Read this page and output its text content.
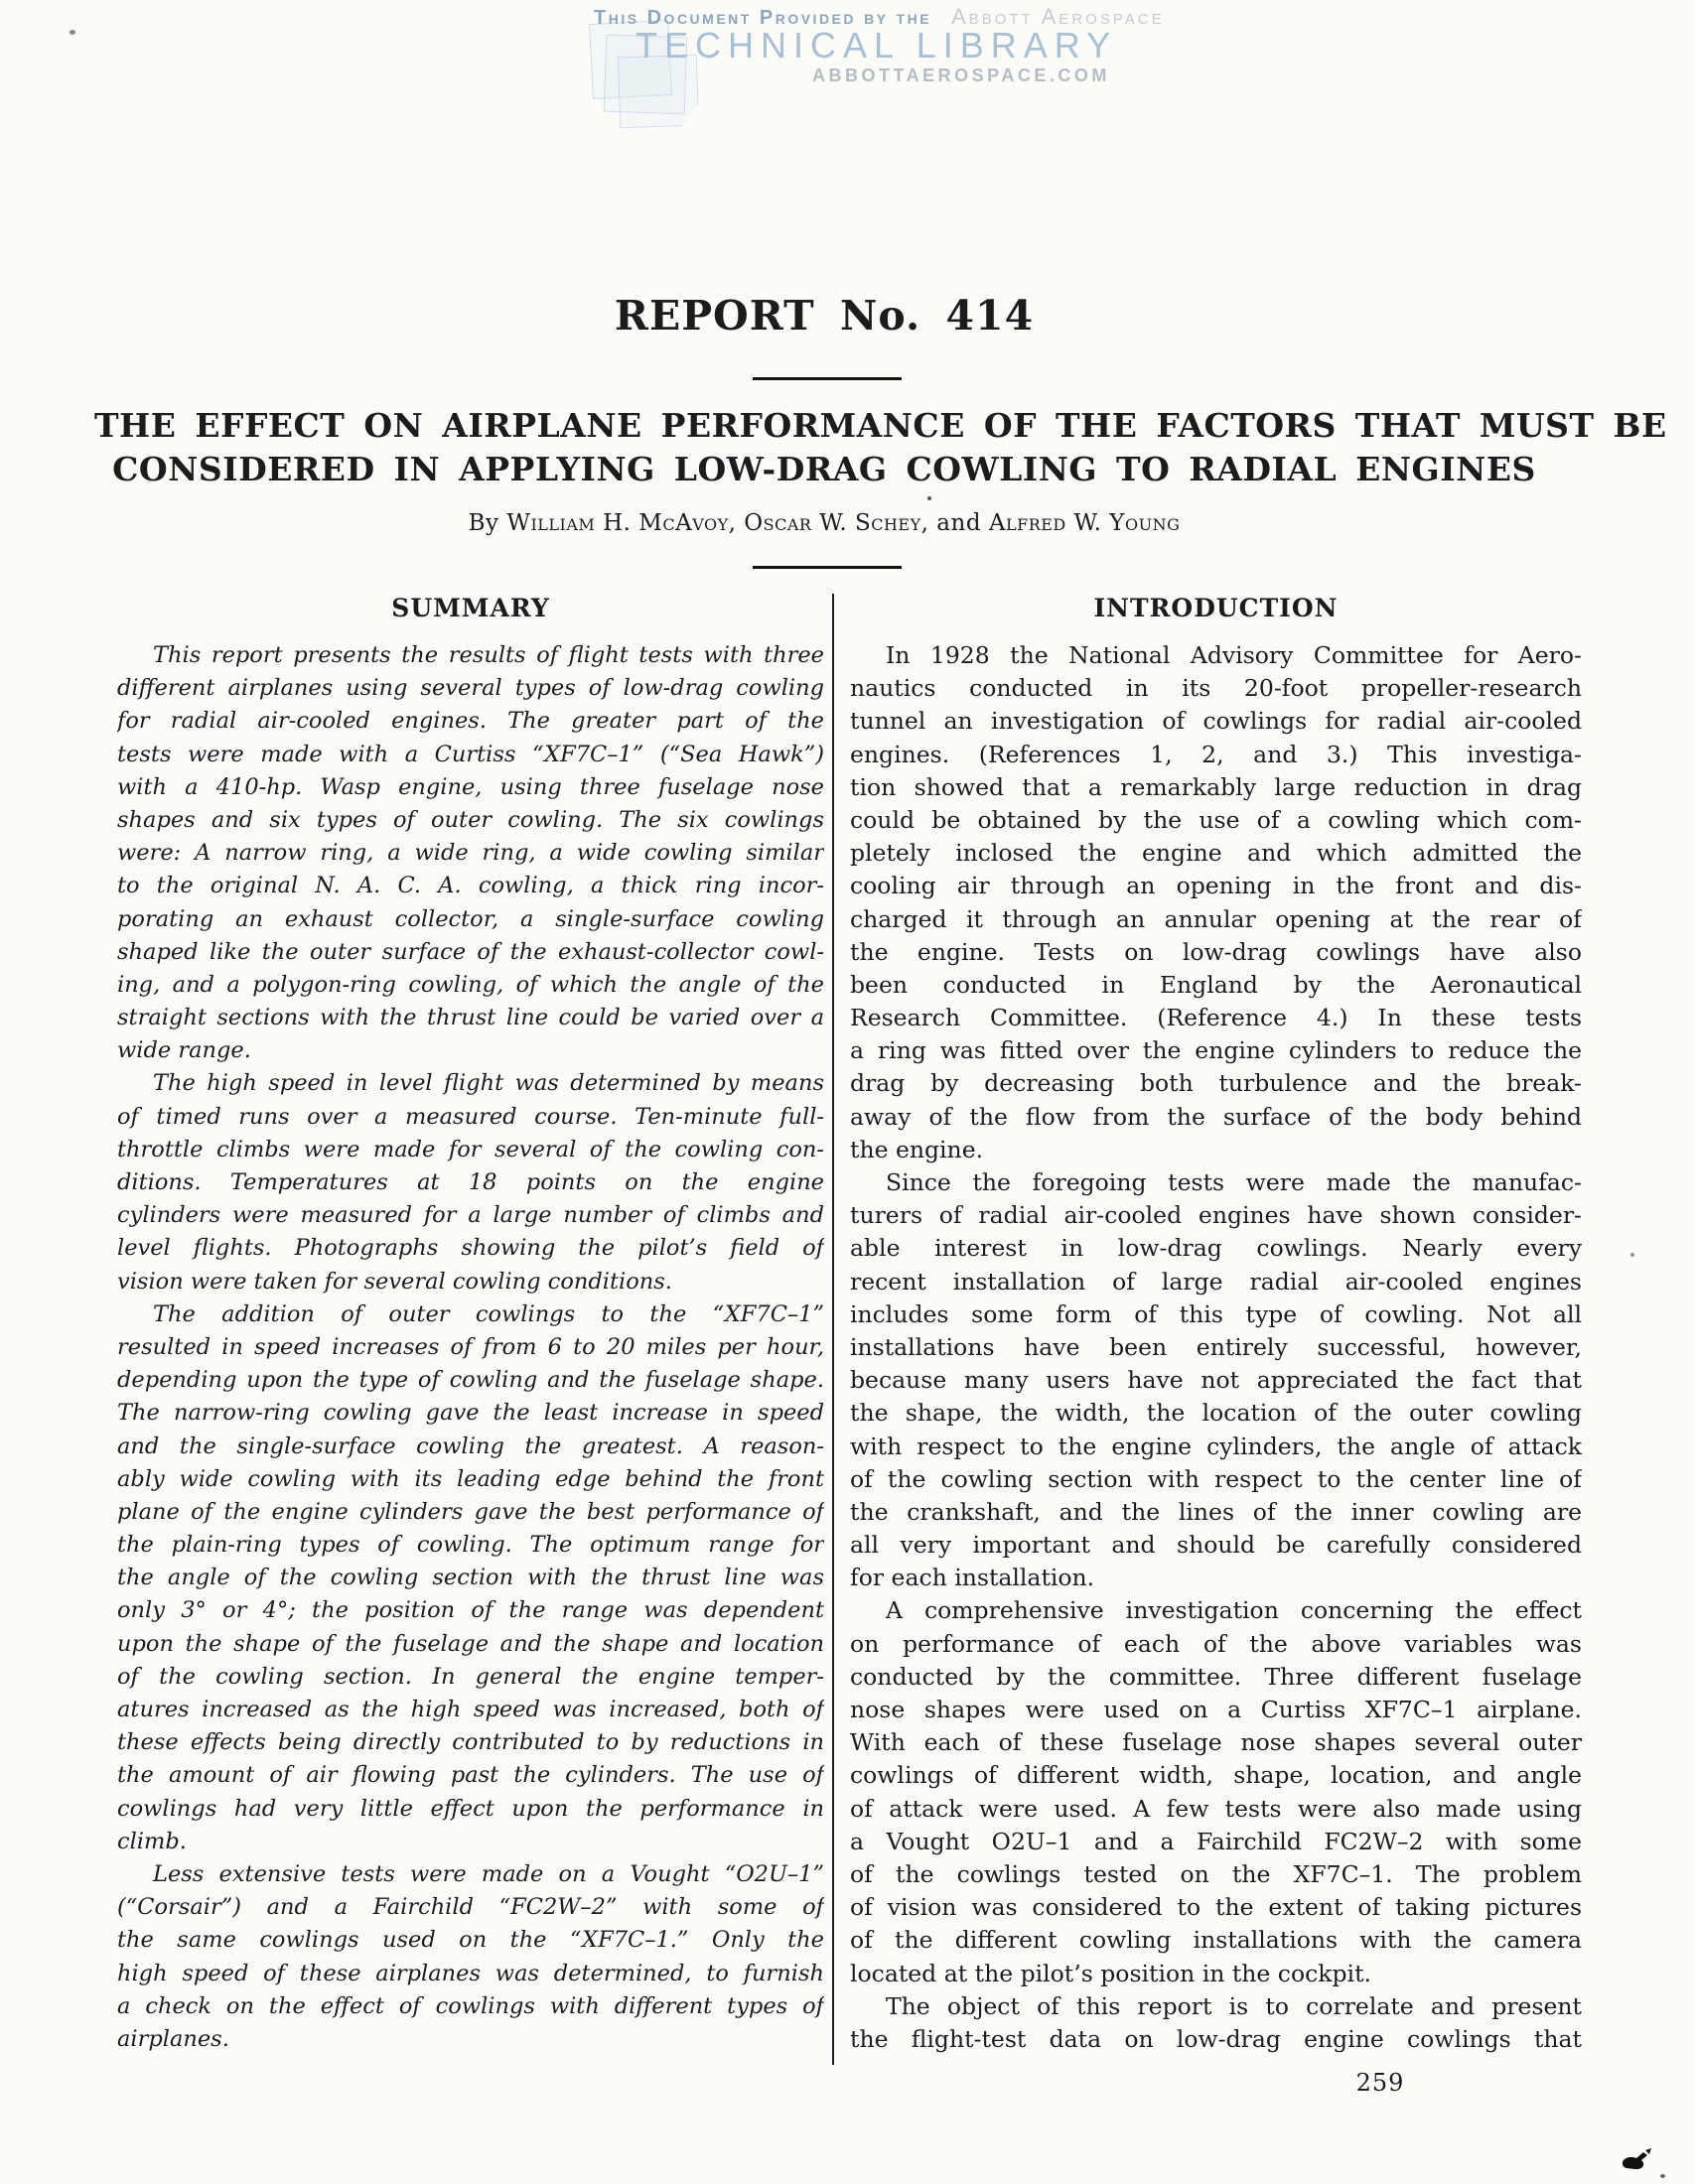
This Document Provided by the Abbott Aerospace
TECHNICAL LIBRARY
ABBOTTAEROSPACE.COM
REPORT No. 414
THE EFFECT ON AIRPLANE PERFORMANCE OF THE FACTORS THAT MUST BE
CONSIDERED IN APPLYING LOW-DRAG COWLING TO RADIAL ENGINES
By William H. McAvoy, Oscar W. Schey, and Alfred W. Young
SUMMARY
This report presents the results of flight tests with three
different airplanes using several types of low-drag cowling
for radial air-cooled engines. The greater part of the
tests were made with a Curtiss “XF7C–1” (“Sea Hawk”)
with a 410-hp. Wasp engine, using three fuselage nose
shapes and six types of outer cowling. The six cowlings
were: A narrow ring, a wide ring, a wide cowling similar
to the original N. A. C. A. cowling, a thick ring incor-
porating an exhaust collector, a single-surface cowling
shaped like the outer surface of the exhaust-collector cowl-
ing, and a polygon-ring cowling, of which the angle of the
straight sections with the thrust line could be varied over a
wide range.
The high speed in level flight was determined by means
of timed runs over a measured course. Ten-minute full-
throttle climbs were made for several of the cowling con-
ditions. Temperatures at 18 points on the engine
cylinders were measured for a large number of climbs and
level flights. Photographs showing the pilot’s field of
vision were taken for several cowling conditions.
The addition of outer cowlings to the “XF7C–1”
resulted in speed increases of from 6 to 20 miles per hour,
depending upon the type of cowling and the fuselage shape.
The narrow-ring cowling gave the least increase in speed
and the single-surface cowling the greatest. A reason-
ably wide cowling with its leading edge behind the front
plane of the engine cylinders gave the best performance of
the plain-ring types of cowling. The optimum range for
the angle of the cowling section with the thrust line was
only 3° or 4°; the position of the range was dependent
upon the shape of the fuselage and the shape and location
of the cowling section. In general the engine temper-
atures increased as the high speed was increased, both of
these effects being directly contributed to by reductions in
the amount of air flowing past the cylinders. The use of
cowlings had very little effect upon the performance in
climb.
Less extensive tests were made on a Vought “O2U–1”
(“Corsair”) and a Fairchild “FC2W–2” with some of
the same cowlings used on the “XF7C–1.” Only the
high speed of these airplanes was determined, to furnish
a check on the effect of cowlings with different types of
airplanes.
INTRODUCTION
In 1928 the National Advisory Committee for Aero-
nautics conducted in its 20-foot propeller-research
tunnel an investigation of cowlings for radial air-cooled
engines. (References 1, 2, and 3.) This investiga-
tion showed that a remarkably large reduction in drag
could be obtained by the use of a cowling which com-
pletely inclosed the engine and which admitted the
cooling air through an opening in the front and dis-
charged it through an annular opening at the rear of
the engine. Tests on low-drag cowlings have also
been conducted in England by the Aeronautical
Research Committee. (Reference 4.) In these tests
a ring was fitted over the engine cylinders to reduce the
drag by decreasing both turbulence and the break-
away of the flow from the surface of the body behind
the engine.
Since the foregoing tests were made the manufac-
turers of radial air-cooled engines have shown consider-
able interest in low-drag cowlings. Nearly every
recent installation of large radial air-cooled engines
includes some form of this type of cowling. Not all
installations have been entirely successful, however,
because many users have not appreciated the fact that
the shape, the width, the location of the outer cowling
with respect to the engine cylinders, the angle of attack
of the cowling section with respect to the center line of
the crankshaft, and the lines of the inner cowling are
all very important and should be carefully considered
for each installation.
A comprehensive investigation concerning the effect
on performance of each of the above variables was
conducted by the committee. Three different fuselage
nose shapes were used on a Curtiss XF7C–1 airplane.
With each of these fuselage nose shapes several outer
cowlings of different width, shape, location, and angle
of attack were used. A few tests were also made using
a Vought O2U–1 and a Fairchild FC2W–2 with some
of the cowlings tested on the XF7C–1. The problem
of vision was considered to the extent of taking pictures
of the different cowling installations with the camera
located at the pilot’s position in the cockpit.
The object of this report is to correlate and present
the flight-test data on low-drag engine cowlings that
259
